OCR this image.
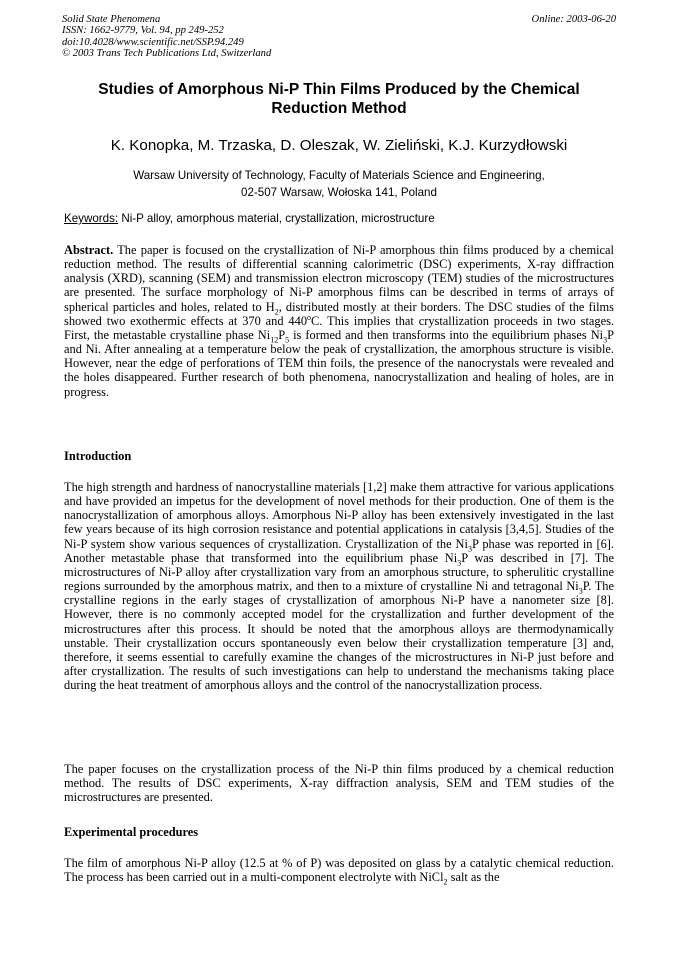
Solid State Phenomena
ISSN: 1662-9779, Vol. 94, pp 249-252
doi:10.4028/www.scientific.net/SSP.94.249
© 2003 Trans Tech Publications Ltd, Switzerland
Online: 2003-06-20
Studies of Amorphous Ni-P Thin Films Produced by the Chemical
Reduction Method
K. Konopka, M. Trzaska, D. Oleszak, W. Zieliński, K.J. Kurzydłowski
Warsaw University of Technology, Faculty of Materials Science and Engineering,
02-507 Warsaw, Wołoska 141, Poland
Keywords: Ni-P alloy, amorphous material, crystallization, microstructure
Abstract. The paper is focused on the crystallization of Ni-P amorphous thin films produced by a chemical reduction method. The results of differential scanning calorimetric (DSC) experiments, X-ray diffraction analysis (XRD), scanning (SEM) and transmission electron microscopy (TEM) studies of the microstructures are presented. The surface morphology of Ni-P amorphous films can be described in terms of arrays of spherical particles and holes, related to $H_2$, distributed mostly at their borders. The DSC studies of the films showed two exothermic effects at 370 and 440$^o$C. This implies that crystallization proceeds in two stages. First, the metastable crystalline phase $Ni_{12}P_5$ is formed and then transforms into the equilibrium phases $Ni_3P$ and Ni. After annealing at a temperature below the peak of crystallization, the amorphous structure is visible. However, near the edge of perforations of TEM thin foils, the presence of the nanocrystals were revealed and the holes disappeared. Further research of both phenomena, nanocrystallization and healing of holes, are in progress.
Introduction
The high strength and hardness of nanocrystalline materials [1,2] make them attractive for various applications and have provided an impetus for the development of novel methods for their production. One of them is the nanocrystallization of amorphous alloys. Amorphous Ni-P alloy has been extensively investigated in the last few years because of its high corrosion resistance and potential applications in catalysis [3,4,5]. Studies of the Ni-P system show various sequences of crystallization. Crystallization of the $Ni_3P$ phase was reported in [6]. Another metastable phase that transformed into the equilibrium phase $Ni_3P$ was described in [7]. The microstructures of Ni-P alloy after crystallization vary from an amorphous structure, to spherulitic crystalline regions surrounded by the amorphous matrix, and then to a mixture of crystalline Ni and tetragonal $Ni_3P$. The crystalline regions in the early stages of crystallization of amorphous Ni-P have a nanometer size [8]. However, there is no commonly accepted model for the crystallization and further development of the microstructures after this process. It should be noted that the amorphous alloys are thermodynamically unstable. Their crystallization occurs spontaneously even below their crystallization temperature [3] and, therefore, it seems essential to carefully examine the changes of the microstructures in Ni-P just before and after crystallization. The results of such investigations can help to understand the mechanisms taking place during the heat treatment of amorphous alloys and the control of the nanocrystallization process.
The paper focuses on the crystallization process of the Ni-P thin films produced by a chemical reduction method. The results of DSC experiments, X-ray diffraction analysis, SEM and TEM studies of the microstructures are presented.
Experimental procedures
The film of amorphous Ni-P alloy (12.5 at % of P) was deposited on glass by a catalytic chemical reduction. The process has been carried out in a multi-component electrolyte with NiCl$_2$ salt as the
